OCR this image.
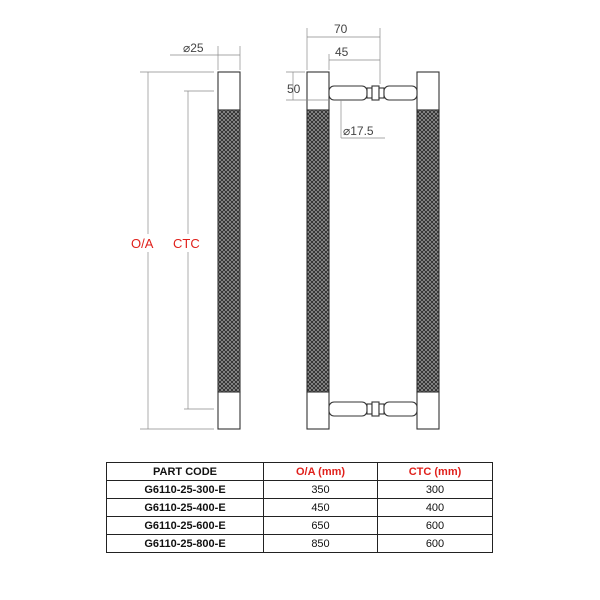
⌀25
O/A CTC
70
45
50
⌀17.5
PART CODE	O/A (mm)	CTC (mm)
G6110-25-300-E	350	300
G6110-25-400-E	450	400
G6110-25-600-E	650	600
G6110-25-800-E	850	600
